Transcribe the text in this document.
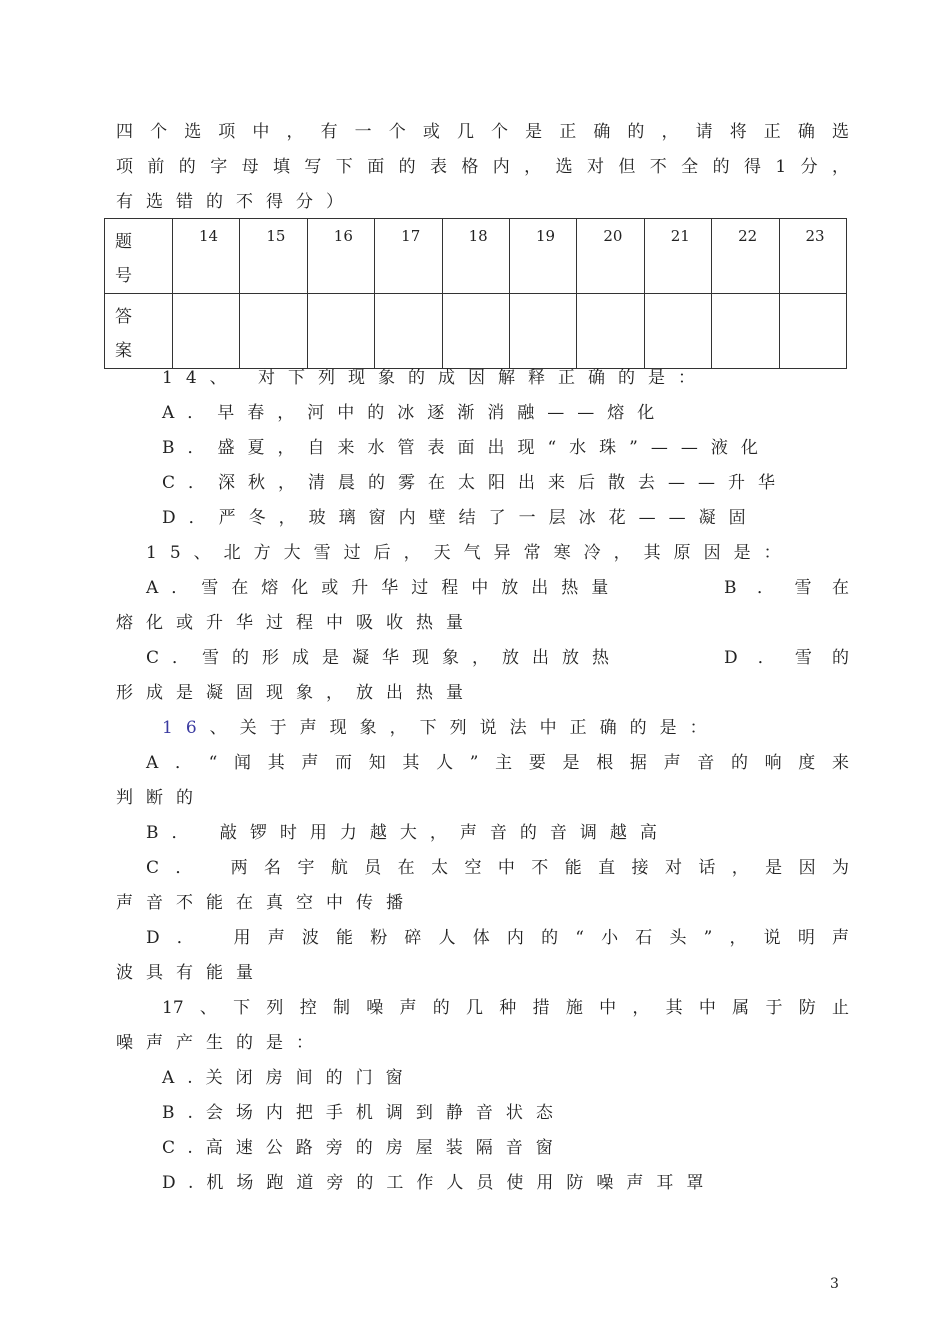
四个选项中，有一个或几个是正确的，请将正确选
项前的字母填写下面的表格内，选对但不全的得1分，
有选错的不得分）
题号	14	15	16	17	18	19	20	21	22	23

答案										

14、 对下列现象的成因解释正确的是：
A．早春，河中的冰逐渐消融——熔化
B．盛夏，自来水管表面出现“水珠”——液化
C．深秋，清晨的雾在太阳出来后散去——升华
D．严冬，玻璃窗内壁结了一层冰花——凝固
15、北方大雪过后，天气异常寒冷，其原因是：
A．雪在熔化或升华过程中放出热量	B．雪在
熔化或升华过程中吸收热量
C．雪的形成是凝华现象，放出放热	D．雪的
形成是凝固现象，放出热量
16、关于声现象，下列说法中正确的是：
A．“闻其声而知其人”主要是根据声音的响度来
判断的
B． 敲锣时用力越大，声音的音调越高
C． 两名宇航员在太空中不能直接对话，是因为
声音不能在真空中传播
D． 用声波能粉碎人体内的“小石头”，说明声
波具有能量
17、下列控制噪声的几种措施中，其中属于防止
噪声产生的是：
A.关闭房间的门窗
B.会场内把手机调到静音状态
C.高速公路旁的房屋装隔音窗
D.机场跑道旁的工作人员使用防噪声耳罩
3
